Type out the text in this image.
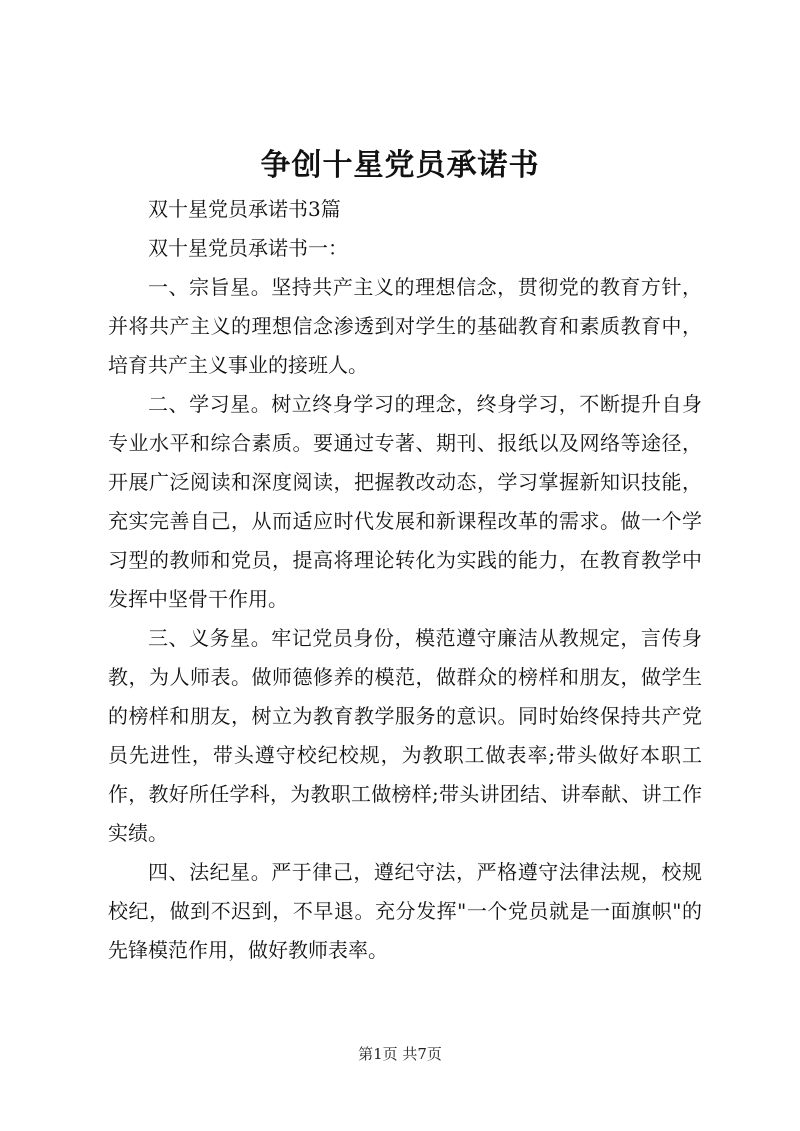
争创十星党员承诺书

双十星党员承诺书3篇

双十星党员承诺书一：

一、宗旨星。坚持共产主义的理想信念，贯彻党的教育方针，并将共产主义的理想信念渗透到对学生的基础教育和素质教育中，培育共产主义事业的接班人。

二、学习星。树立终身学习的理念，终身学习，不断提升自身专业水平和综合素质。要通过专著、期刊、报纸以及网络等途径，开展广泛阅读和深度阅读，把握教改动态，学习掌握新知识技能，充实完善自己，从而适应时代发展和新课程改革的需求。做一个学习型的教师和党员，提高将理论转化为实践的能力，在教育教学中发挥中坚骨干作用。

三、义务星。牢记党员身份，模范遵守廉洁从教规定，言传身教，为人师表。做师德修养的模范，做群众的榜样和朋友，做学生的榜样和朋友，树立为教育教学服务的意识。同时始终保持共产党员先进性，带头遵守校纪校规，为教职工做表率;带头做好本职工作，教好所任学科，为教职工做榜样;带头讲团结、讲奉献、讲工作实绩。

四、法纪星。严于律己，遵纪守法，严格遵守法律法规，校规校纪，做到不迟到，不早退。充分发挥"一个党员就是一面旗帜"的先锋模范作用，做好教师表率。

第1页 共7页
